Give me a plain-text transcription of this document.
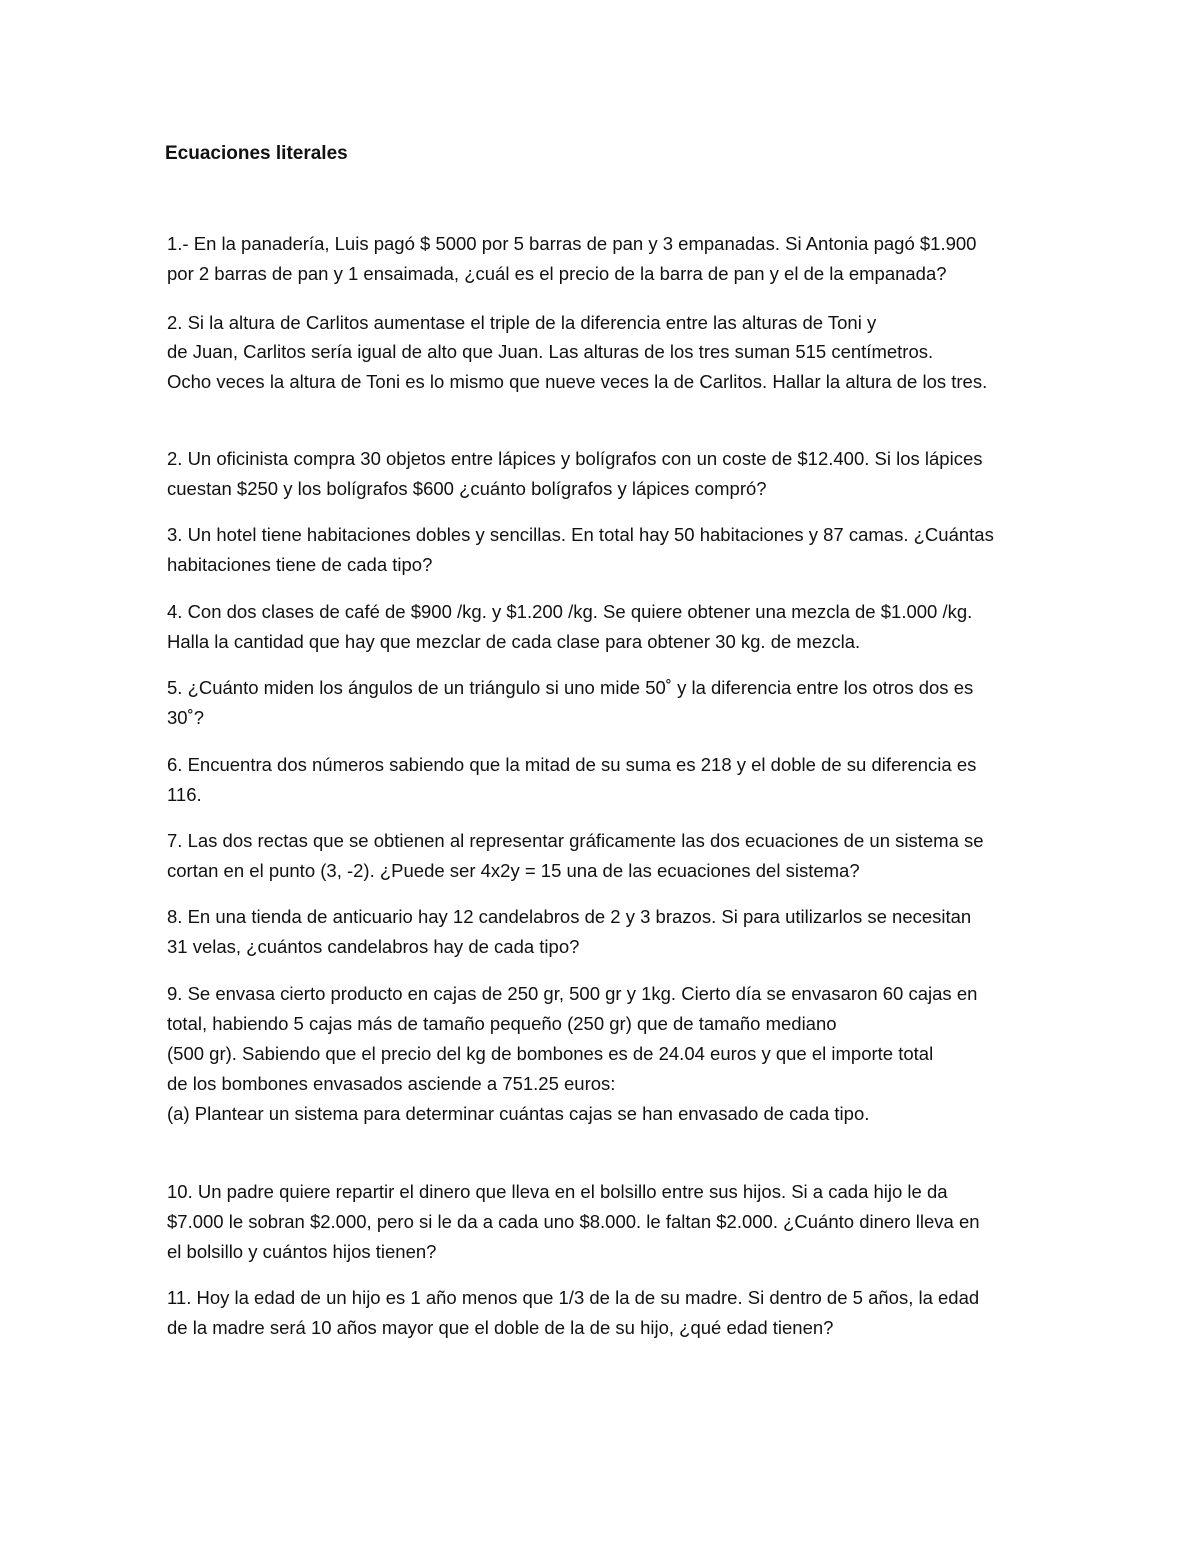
Ecuaciones literales
1.- En la panadería, Luis pagó $ 5000 por 5 barras de pan y 3 empanadas. Si Antonia pagó $1.900
por 2 barras de pan y 1 ensaimada, ¿cuál es el precio de la barra de pan y el de la empanada?
2. Si la altura de Carlitos aumentase el triple de la diferencia entre las alturas de Toni y
de Juan, Carlitos sería igual de alto que Juan. Las alturas de los tres suman 515 centímetros.
Ocho veces la altura de Toni es lo mismo que nueve veces la de Carlitos. Hallar la altura de los tres.
2. Un oficinista compra 30 objetos entre lápices y bolígrafos con un coste de $12.400. Si los lápices
cuestan $250 y los bolígrafos $600 ¿cuánto bolígrafos y lápices compró?
3. Un hotel tiene habitaciones dobles y sencillas. En total hay 50 habitaciones y 87 camas. ¿Cuántas
habitaciones tiene de cada tipo?
4. Con dos clases de café de $900 /kg. y $1.200 /kg. Se quiere obtener una mezcla de $1.000 /kg.
Halla la cantidad que hay que mezclar de cada clase para obtener 30 kg. de mezcla.
5. ¿Cuánto miden los ángulos de un triángulo si uno mide 50˚ y la diferencia entre los otros dos es
30˚?
6. Encuentra dos números sabiendo que la mitad de su suma es 218 y el doble de su diferencia es
116.
7. Las dos rectas que se obtienen al representar gráficamente las dos ecuaciones de un sistema se
cortan en el punto (3, -2). ¿Puede ser 4x2y = 15 una de las ecuaciones del sistema?
8. En una tienda de anticuario hay 12 candelabros de 2 y 3 brazos. Si para utilizarlos se necesitan
31 velas, ¿cuántos candelabros hay de cada tipo?
9. Se envasa cierto producto en cajas de 250 gr, 500 gr y 1kg. Cierto día se envasaron 60 cajas en
total, habiendo 5 cajas más de tamaño pequeño (250 gr) que de tamaño mediano
(500 gr). Sabiendo que el precio del kg de bombones es de 24.04 euros y que el importe total
de los bombones envasados asciende a 751.25 euros:
(a) Plantear un sistema para determinar cuántas cajas se han envasado de cada tipo.
10. Un padre quiere repartir el dinero que lleva en el bolsillo entre sus hijos. Si a cada hijo le da
$7.000 le sobran $2.000, pero si le da a cada uno $8.000. le faltan $2.000. ¿Cuánto dinero lleva en
el bolsillo y cuántos hijos tienen?
11. Hoy la edad de un hijo es 1 año menos que 1/3 de la de su madre. Si dentro de 5 años, la edad
de la madre será 10 años mayor que el doble de la de su hijo, ¿qué edad tienen?
